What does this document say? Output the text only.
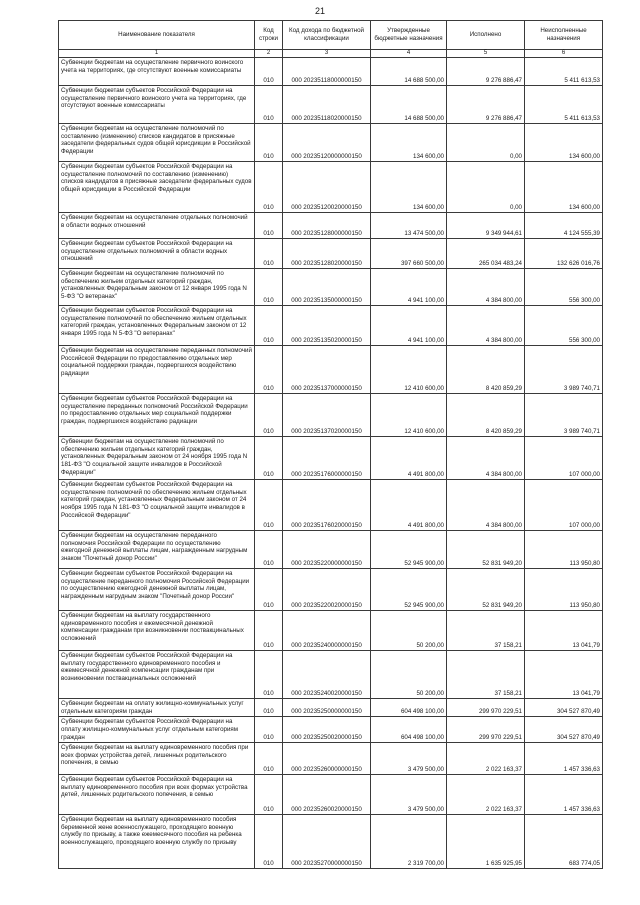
21
Наименование показателя	Код строки	Код дохода по бюджетной классификации	Утвержденные бюджетные назначения	Исполнено	Неисполненные назначения
1	2	3	4	5	6
Субвенции бюджетам на осуществление первичного воинского учета на территориях, где отсутствуют военные комиссариаты	010	000 20235118000000150	14 688 500,00	9 276 886,47	5 411 613,53
Субвенции бюджетам субъектов Российской Федерации на осуществление первичного воинского учета на территориях, где отсутствуют военные комиссариаты	010	000 20235118020000150	14 688 500,00	9 276 886,47	5 411 613,53
Субвенции бюджетам на осуществление полномочий по составлению (изменению) списков кандидатов в присяжные заседатели федеральных судов общей юрисдикции в Российской Федерации	010	000 20235120000000150	134 600,00	0,00	134 600,00
Субвенции бюджетам субъектов Российской Федерации на осуществление полномочий по составлению (изменению) списков кандидатов в присяжные заседатели федеральных судов общей юрисдикции в Российской Федерации	010	000 20235120020000150	134 600,00	0,00	134 600,00
Субвенции бюджетам на осуществление отдельных полномочий в области водных отношений	010	000 20235128000000150	13 474 500,00	9 349 944,61	4 124 555,39
Субвенции бюджетам субъектов Российской Федерации на осуществление отдельных полномочий в области водных отношений	010	000 20235128020000150	397 660 500,00	265 034 483,24	132 626 016,76
Субвенции бюджетам на осуществление полномочий по обеспечению жильем отдельных категорий граждан, установленных Федеральным законом от 12 января 1995 года N 5-ФЗ "О ветеранах"	010	000 20235135000000150	4 941 100,00	4 384 800,00	556 300,00
Субвенции бюджетам субъектов Российской Федерации на осуществление полномочий по обеспечению жильем отдельных категорий граждан, установленных Федеральным законом от 12 января 1995 года N 5-ФЗ "О ветеранах"	010	000 20235135020000150	4 941 100,00	4 384 800,00	556 300,00
Субвенции бюджетам на осуществление переданных полномочий Российской Федерации по предоставлению отдельных мер социальной поддержки граждан, подвергшихся воздействию радиации	010	000 20235137000000150	12 410 600,00	8 420 859,29	3 989 740,71
Субвенции бюджетам субъектов Российской Федерации на осуществление переданных полномочий Российской Федерации по предоставлению отдельных мер социальной поддержки граждан, подвергшихся воздействию радиации	010	000 20235137020000150	12 410 600,00	8 420 859,29	3 989 740,71
Субвенции бюджетам на осуществление полномочий по обеспечению жильем отдельных категорий граждан, установленных Федеральным законом от 24 ноября 1995 года N 181-ФЗ "О социальной защите инвалидов в Российской Федерации"	010	000 20235176000000150	4 491 800,00	4 384 800,00	107 000,00
Субвенции бюджетам субъектов Российской Федерации на осуществление полномочий по обеспечению жильем отдельных категорий граждан, установленных Федеральным законом от 24 ноября 1995 года N 181-ФЗ "О социальной защите инвалидов в Российской Федерации"	010	000 20235176020000150	4 491 800,00	4 384 800,00	107 000,00
Субвенции бюджетам на осуществление переданного полномочия Российской Федерации по осуществлению ежегодной денежной выплаты лицам, награжденным нагрудным знаком "Почетный донор России"	010	000 20235220000000150	52 945 900,00	52 831 949,20	113 950,80
Субвенции бюджетам субъектов Российской Федерации на осуществление переданного полномочия Российской Федерации по осуществлению ежегодной денежной выплаты лицам, награжденным нагрудным знаком "Почетный донор России"	010	000 20235220020000150	52 945 900,00	52 831 949,20	113 950,80
Субвенции бюджетам на выплату государственного единовременного пособия и ежемесячной денежной компенсации гражданам при возникновении поствакцинальных осложнений	010	000 20235240000000150	50 200,00	37 158,21	13 041,79
Субвенции бюджетам субъектов Российской Федерации на выплату государственного единовременного пособия и ежемесячной денежной компенсации гражданам при возникновении поствакцинальных осложнений	010	000 20235240020000150	50 200,00	37 158,21	13 041,79
Субвенции бюджетам на оплату жилищно-коммунальных услуг отдельным категориям граждан	010	000 20235250000000150	604 498 100,00	299 970 229,51	304 527 870,49
Субвенции бюджетам субъектов Российской Федерации на оплату жилищно-коммунальных услуг отдельным категориям граждан	010	000 20235250020000150	604 498 100,00	299 970 229,51	304 527 870,49
Субвенции бюджетам на выплату единовременного пособия при всех формах устройства детей, лишенных родительского попечения, в семью	010	000 20235260000000150	3 479 500,00	2 022 163,37	1 457 336,63
Субвенции бюджетам субъектов Российской Федерации на выплату единовременного пособия при всех формах устройства детей, лишенных родительского попечения, в семью	010	000 20235260020000150	3 479 500,00	2 022 163,37	1 457 336,63
Субвенции бюджетам на выплату единовременного пособия беременной жене военнослужащего, проходящего военную службу по призыву, а также ежемесячного пособия на ребенка военнослужащего, проходящего военную службу по призыву	010	000 20235270000000150	2 319 700,00	1 635 925,95	683 774,05
